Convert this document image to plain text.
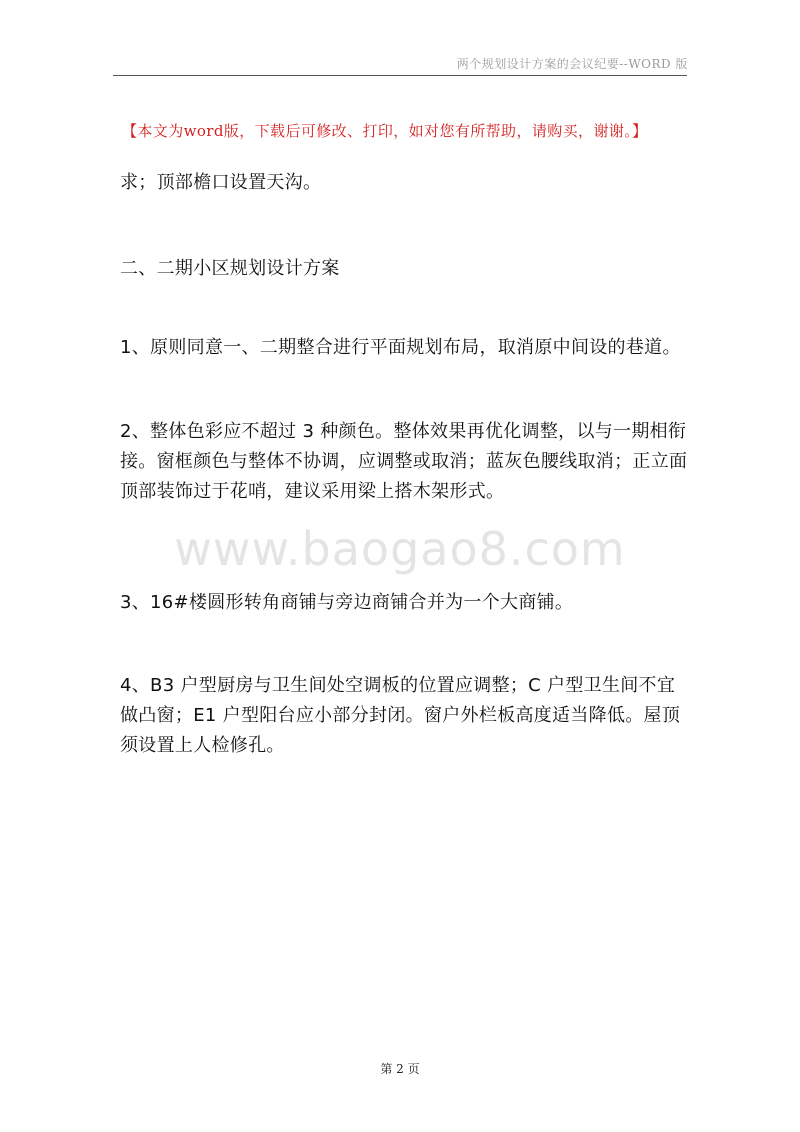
两个规划设计方案的会议纪要--WORD 版
【本文为word版，下载后可修改、打印，如对您有所帮助，请购买，谢谢。】

求；顶部檐口设置天沟。

二、二期小区规划设计方案

1、原则同意一、二期整合进行平面规划布局，取消原中间设的巷道。

2、整体色彩应不超过 3 种颜色。整体效果再优化调整，以与一期相衔接。窗框颜色与整体不协调，应调整或取消；蓝灰色腰线取消；正立面顶部装饰过于花哨，建议采用梁上搭木架形式。

www.baogao8.com

3、16#楼圆形转角商铺与旁边商铺合并为一个大商铺。

4、B3 户型厨房与卫生间处空调板的位置应调整；C 户型卫生间不宜做凸窗；E1 户型阳台应小部分封闭。窗户外栏板高度适当降低。屋顶须设置上人检修孔。

第 2 页
